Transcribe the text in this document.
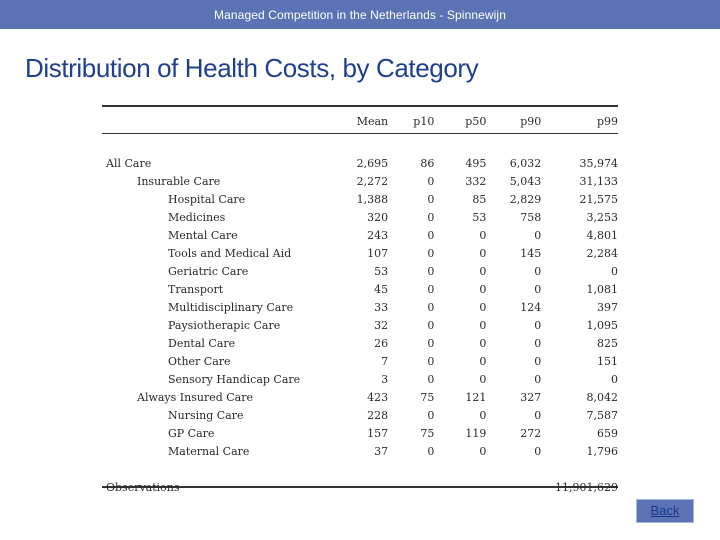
Managed Competition in the Netherlands - Spinnewijn
Distribution of Health Costs, by Category
	Mean	p10	p50	p90	p99

All Care	2,695	86	495	6,032	35,974
Insurable Care	2,272	0	332	5,043	31,133
Hospital Care	1,388	0	85	2,829	21,575
Medicines	320	0	53	758	3,253
Mental Care	243	0	0	0	4,801
Tools and Medical Aid	107	0	0	145	2,284
Geriatric Care	53	0	0	0	0
Transport	45	0	0	0	1,081
Multidisciplinary Care	33	0	0	124	397
Paysiotherapic Care	32	0	0	0	1,095
Dental Care	26	0	0	0	825
Other Care	7	0	0	0	151
Sensory Handicap Care	3	0	0	0	0
Always Insured Care	423	75	121	327	8,042
Nursing Care	228	0	0	0	7,587
GP Care	157	75	119	272	659
Maternal Care	37	0	0	0	1,796

Observations					11,901,629
Back
